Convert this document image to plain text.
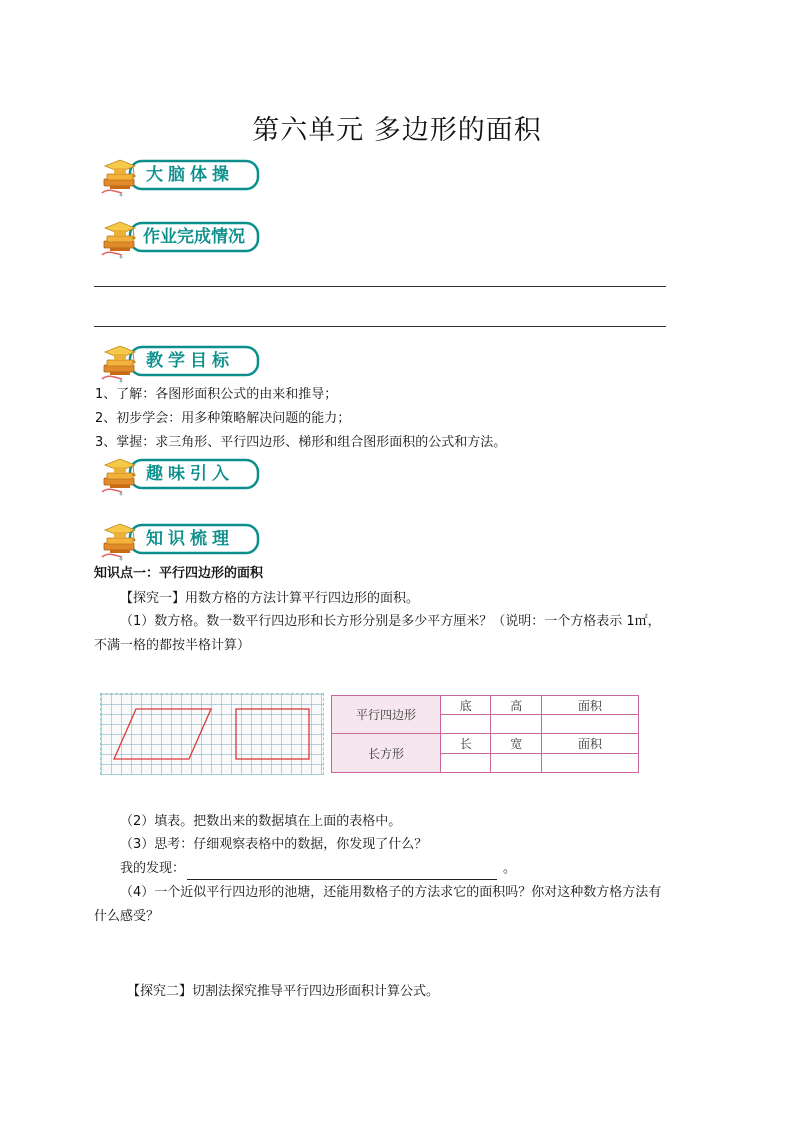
第六单元 多边形的面积
大脑体操
作业完成情况
教学目标
1、了解：各图形面积公式的由来和推导；
2、初步学会：用多种策略解决问题的能力；
3、掌握：求三角形、平行四边形、梯形和组合图形面积的公式和方法。
趣味引入
知识梳理
知识点一：平行四边形的面积
【探究一】用数方格的方法计算平行四边形的面积。
（1）数方格。数一数平行四边形和长方形分别是多少平方厘米？（说明：一个方格表示 1㎡，
不满一格的都按半格计算）
平行四边形	底	高	面积

长方形	长	宽	面积

（2）填表。把数出来的数据填在上面的表格中。
（3）思考：仔细观察表格中的数据，你发现了什么？
我的发现：	。
（4）一个近似平行四边形的池塘，还能用数格子的方法求它的面积吗？你对这种数方格方法有
什么感受？
【探究二】切割法探究推导平行四边形面积计算公式。
